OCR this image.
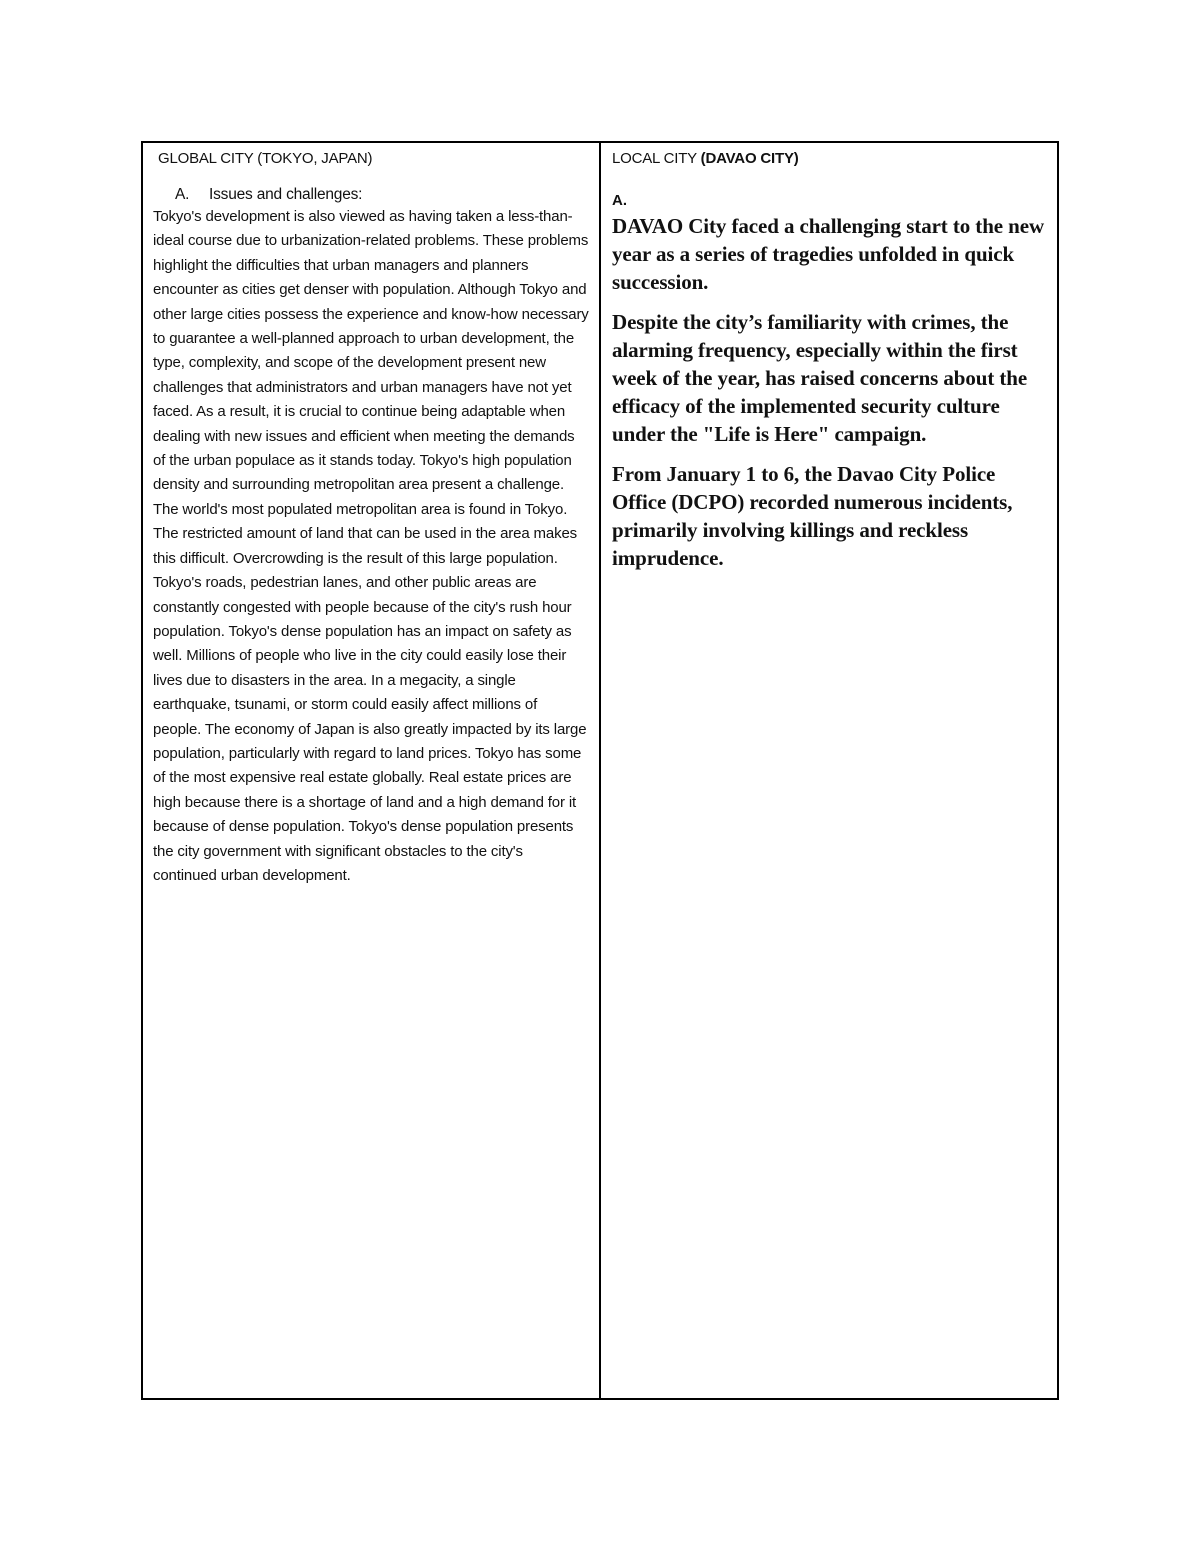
GLOBAL CITY (TOKYO, JAPAN)
A. Issues and challenges:

Tokyo's development is also viewed as having taken a less-than-ideal course due to urbanization-related problems. These problems highlight the difficulties that urban managers and planners encounter as cities get denser with population. Although Tokyo and other large cities possess the experience and know-how necessary to guarantee a well-planned approach to urban development, the type, complexity, and scope of the development present new challenges that administrators and urban managers have not yet faced. As a result, it is crucial to continue being adaptable when dealing with new issues and efficient when meeting the demands of the urban populace as it stands today. Tokyo's high population density and surrounding metropolitan area present a challenge. The world's most populated metropolitan area is found in Tokyo. The restricted amount of land that can be used in the area makes this difficult. Overcrowding is the result of this large population. Tokyo's roads, pedestrian lanes, and other public areas are constantly congested with people because of the city's rush hour population. Tokyo's dense population has an impact on safety as well. Millions of people who live in the city could easily lose their lives due to disasters in the area. In a megacity, a single earthquake, tsunami, or storm could easily affect millions of people. The economy of Japan is also greatly impacted by its large population, particularly with regard to land prices. Tokyo has some of the most expensive real estate globally. Real estate prices are high because there is a shortage of land and a high demand for it because of dense population. Tokyo's dense population presents the city government with significant obstacles to the city's continued urban development.

LOCAL CITY (DAVAO CITY)
A.

DAVAO City faced a challenging start to the new year as a series of tragedies unfolded in quick succession.

Despite the city’s familiarity with crimes, the alarming frequency, especially within the first week of the year, has raised concerns about the efficacy of the implemented security culture under the "Life is Here" campaign.

From January 1 to 6, the Davao City Police Office (DCPO) recorded numerous incidents, primarily involving killings and reckless imprudence.
